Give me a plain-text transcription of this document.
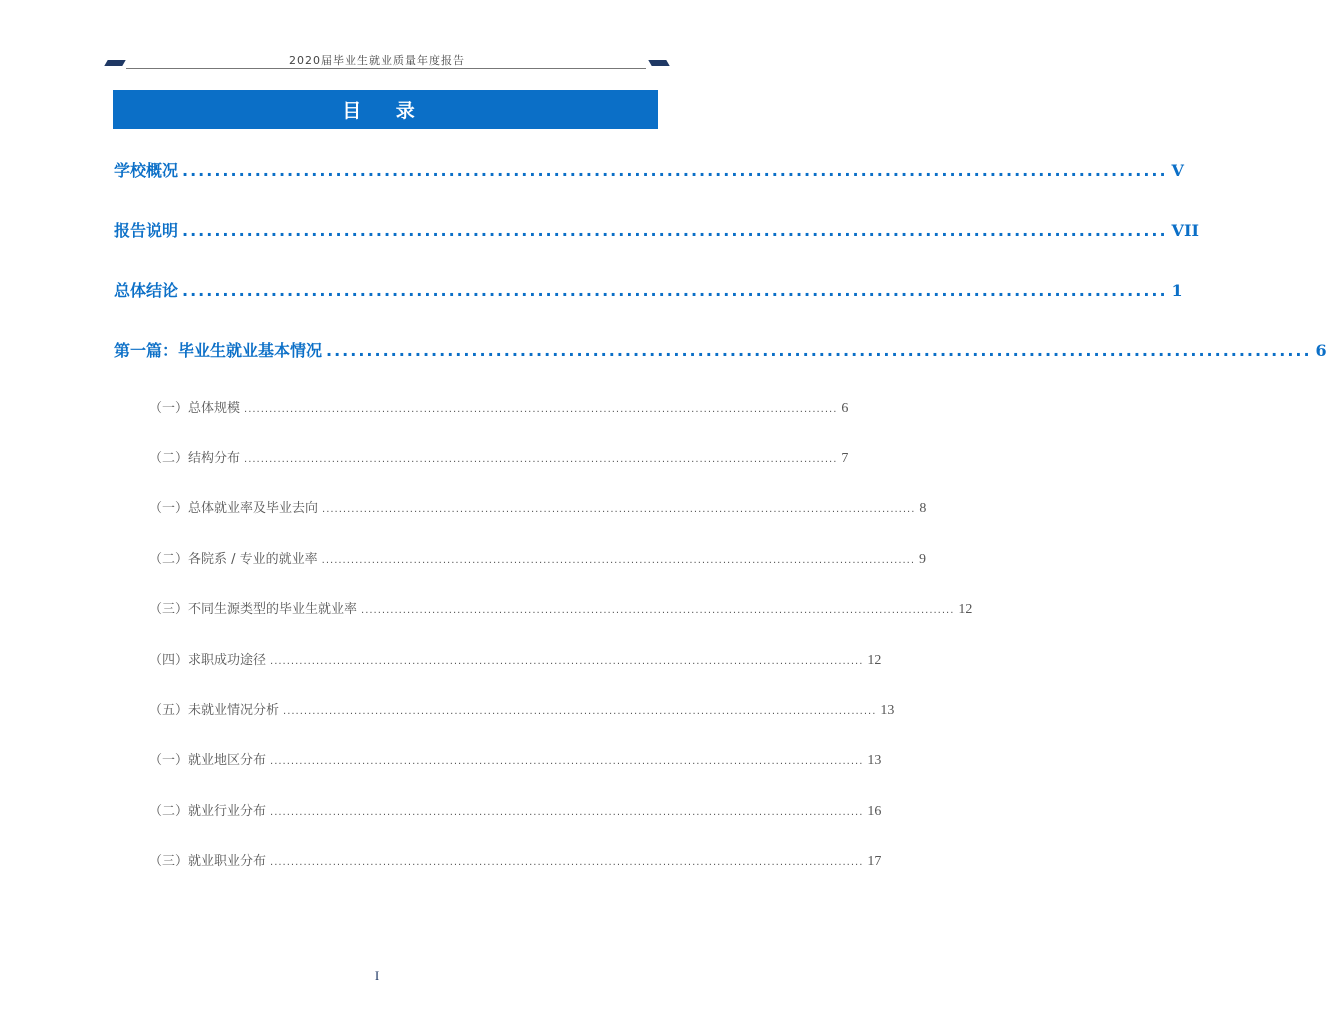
2020届毕业生就业质量年度报告
目 录
学校概况 .......................................................................................................................... V
报告说明 .......................................................................................................................... VII
总体结论 .......................................................................................................................... 1
第一篇：毕业生就业基本情况 .......................................................................................................................... 6
（一）总体规模 .............................................................................................................................................. 6
（二）结构分布 .............................................................................................................................................. 7
（一）总体就业率及毕业去向 .............................................................................................................................................. 8
（二）各院系 / 专业的就业率 .............................................................................................................................................. 9
（三）不同生源类型的毕业生就业率 .............................................................................................................................................. 12
（四）求职成功途径 .............................................................................................................................................. 12
（五）未就业情况分析 .............................................................................................................................................. 13
（一）就业地区分布 .............................................................................................................................................. 13
（二）就业行业分布 .............................................................................................................................................. 16
（三）就业职业分布 .............................................................................................................................................. 17
I
